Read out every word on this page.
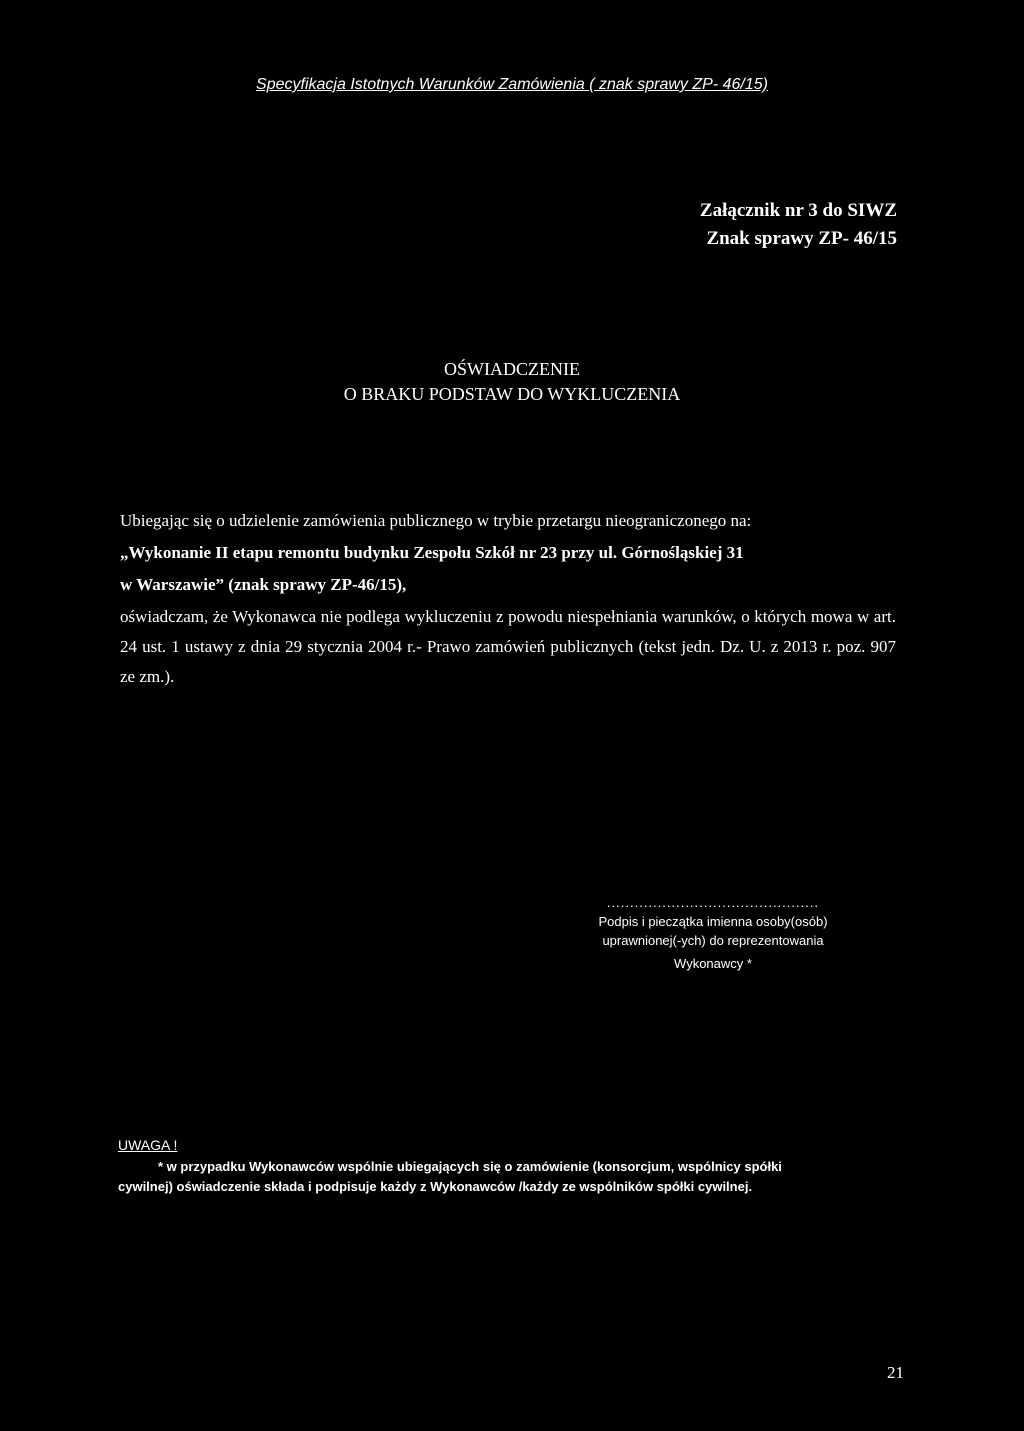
Specyfikacja Istotnych Warunków Zamówienia ( znak sprawy ZP- 46/15)
Załącznik nr 3 do SIWZ
Znak sprawy ZP- 46/15
OŚWIADCZENIE
O BRAKU PODSTAW DO WYKLUCZENIA

Ubiegając się o udzielenie zamówienia publicznego w trybie przetargu nieograniczonego na:

„Wykonanie II etapu remontu budynku Zespołu Szkół nr 23 przy ul. Górnośląskiej 31

w Warszawie” (znak sprawy ZP-46/15),

oświadczam, że Wykonawca nie podlega wykluczeniu z powodu niespełniania warunków, o których mowa w art. 24 ust. 1 ustawy z dnia 29 stycznia 2004 r.- Prawo zamówień publicznych (tekst jedn. Dz. U. z 2013 r. poz. 907 ze zm.).

..............................................
Podpis i pieczątka imienna osoby(osób)
uprawnionej(-ych) do reprezentowania
Wykonawcy *
UWAGA !
* w przypadku Wykonawców wspólnie ubiegających się o zamówienie (konsorcjum, wspólnicy spółki
cywilnej) oświadczenie składa i podpisuje każdy z Wykonawców /każdy ze wspólników spółki cywilnej.
21
